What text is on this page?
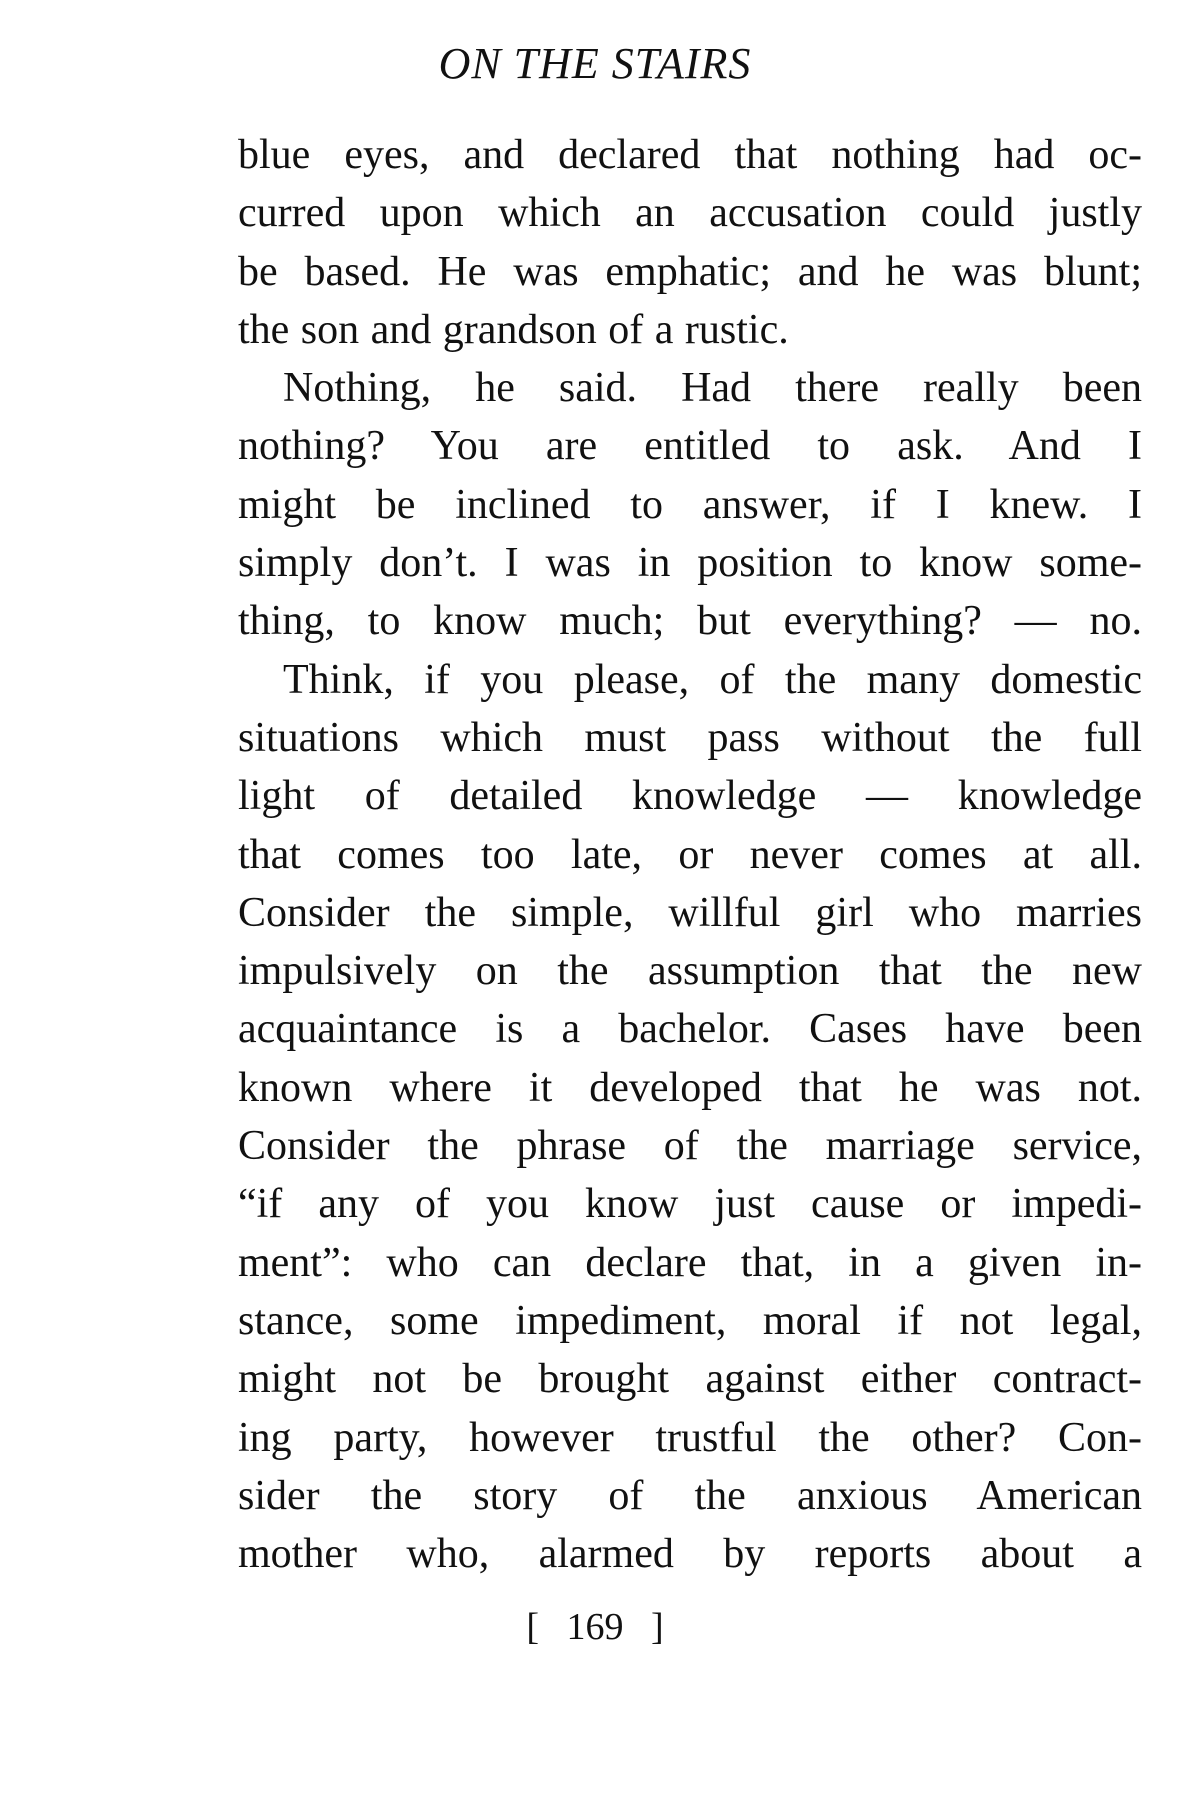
ON THE STAIRS

blue eyes, and declared that nothing had oc-

curred upon which an accusation could justly

be based. He was emphatic; and he was blunt;

the son and grandson of a rustic.

Nothing, he said. Had there really been

nothing? You are entitled to ask. And I

might be inclined to answer, if I knew. I

simply don’t. I was in position to know some-

thing, to know much; but everything? — no.

Think, if you please, of the many domestic

situations which must pass without the full

light of detailed knowledge — knowledge

that comes too late, or never comes at all.

Consider the simple, willful girl who marries

impulsively on the assumption that the new

acquaintance is a bachelor. Cases have been

known where it developed that he was not.

Consider the phrase of the marriage service,

“if any of you know just cause or impedi-

ment”: who can declare that, in a given in-

stance, some impediment, moral if not legal,

might not be brought against either contract-

ing party, however trustful the other? Con-

sider the story of the anxious American

mother who, alarmed by reports about a

[ 169 ]
